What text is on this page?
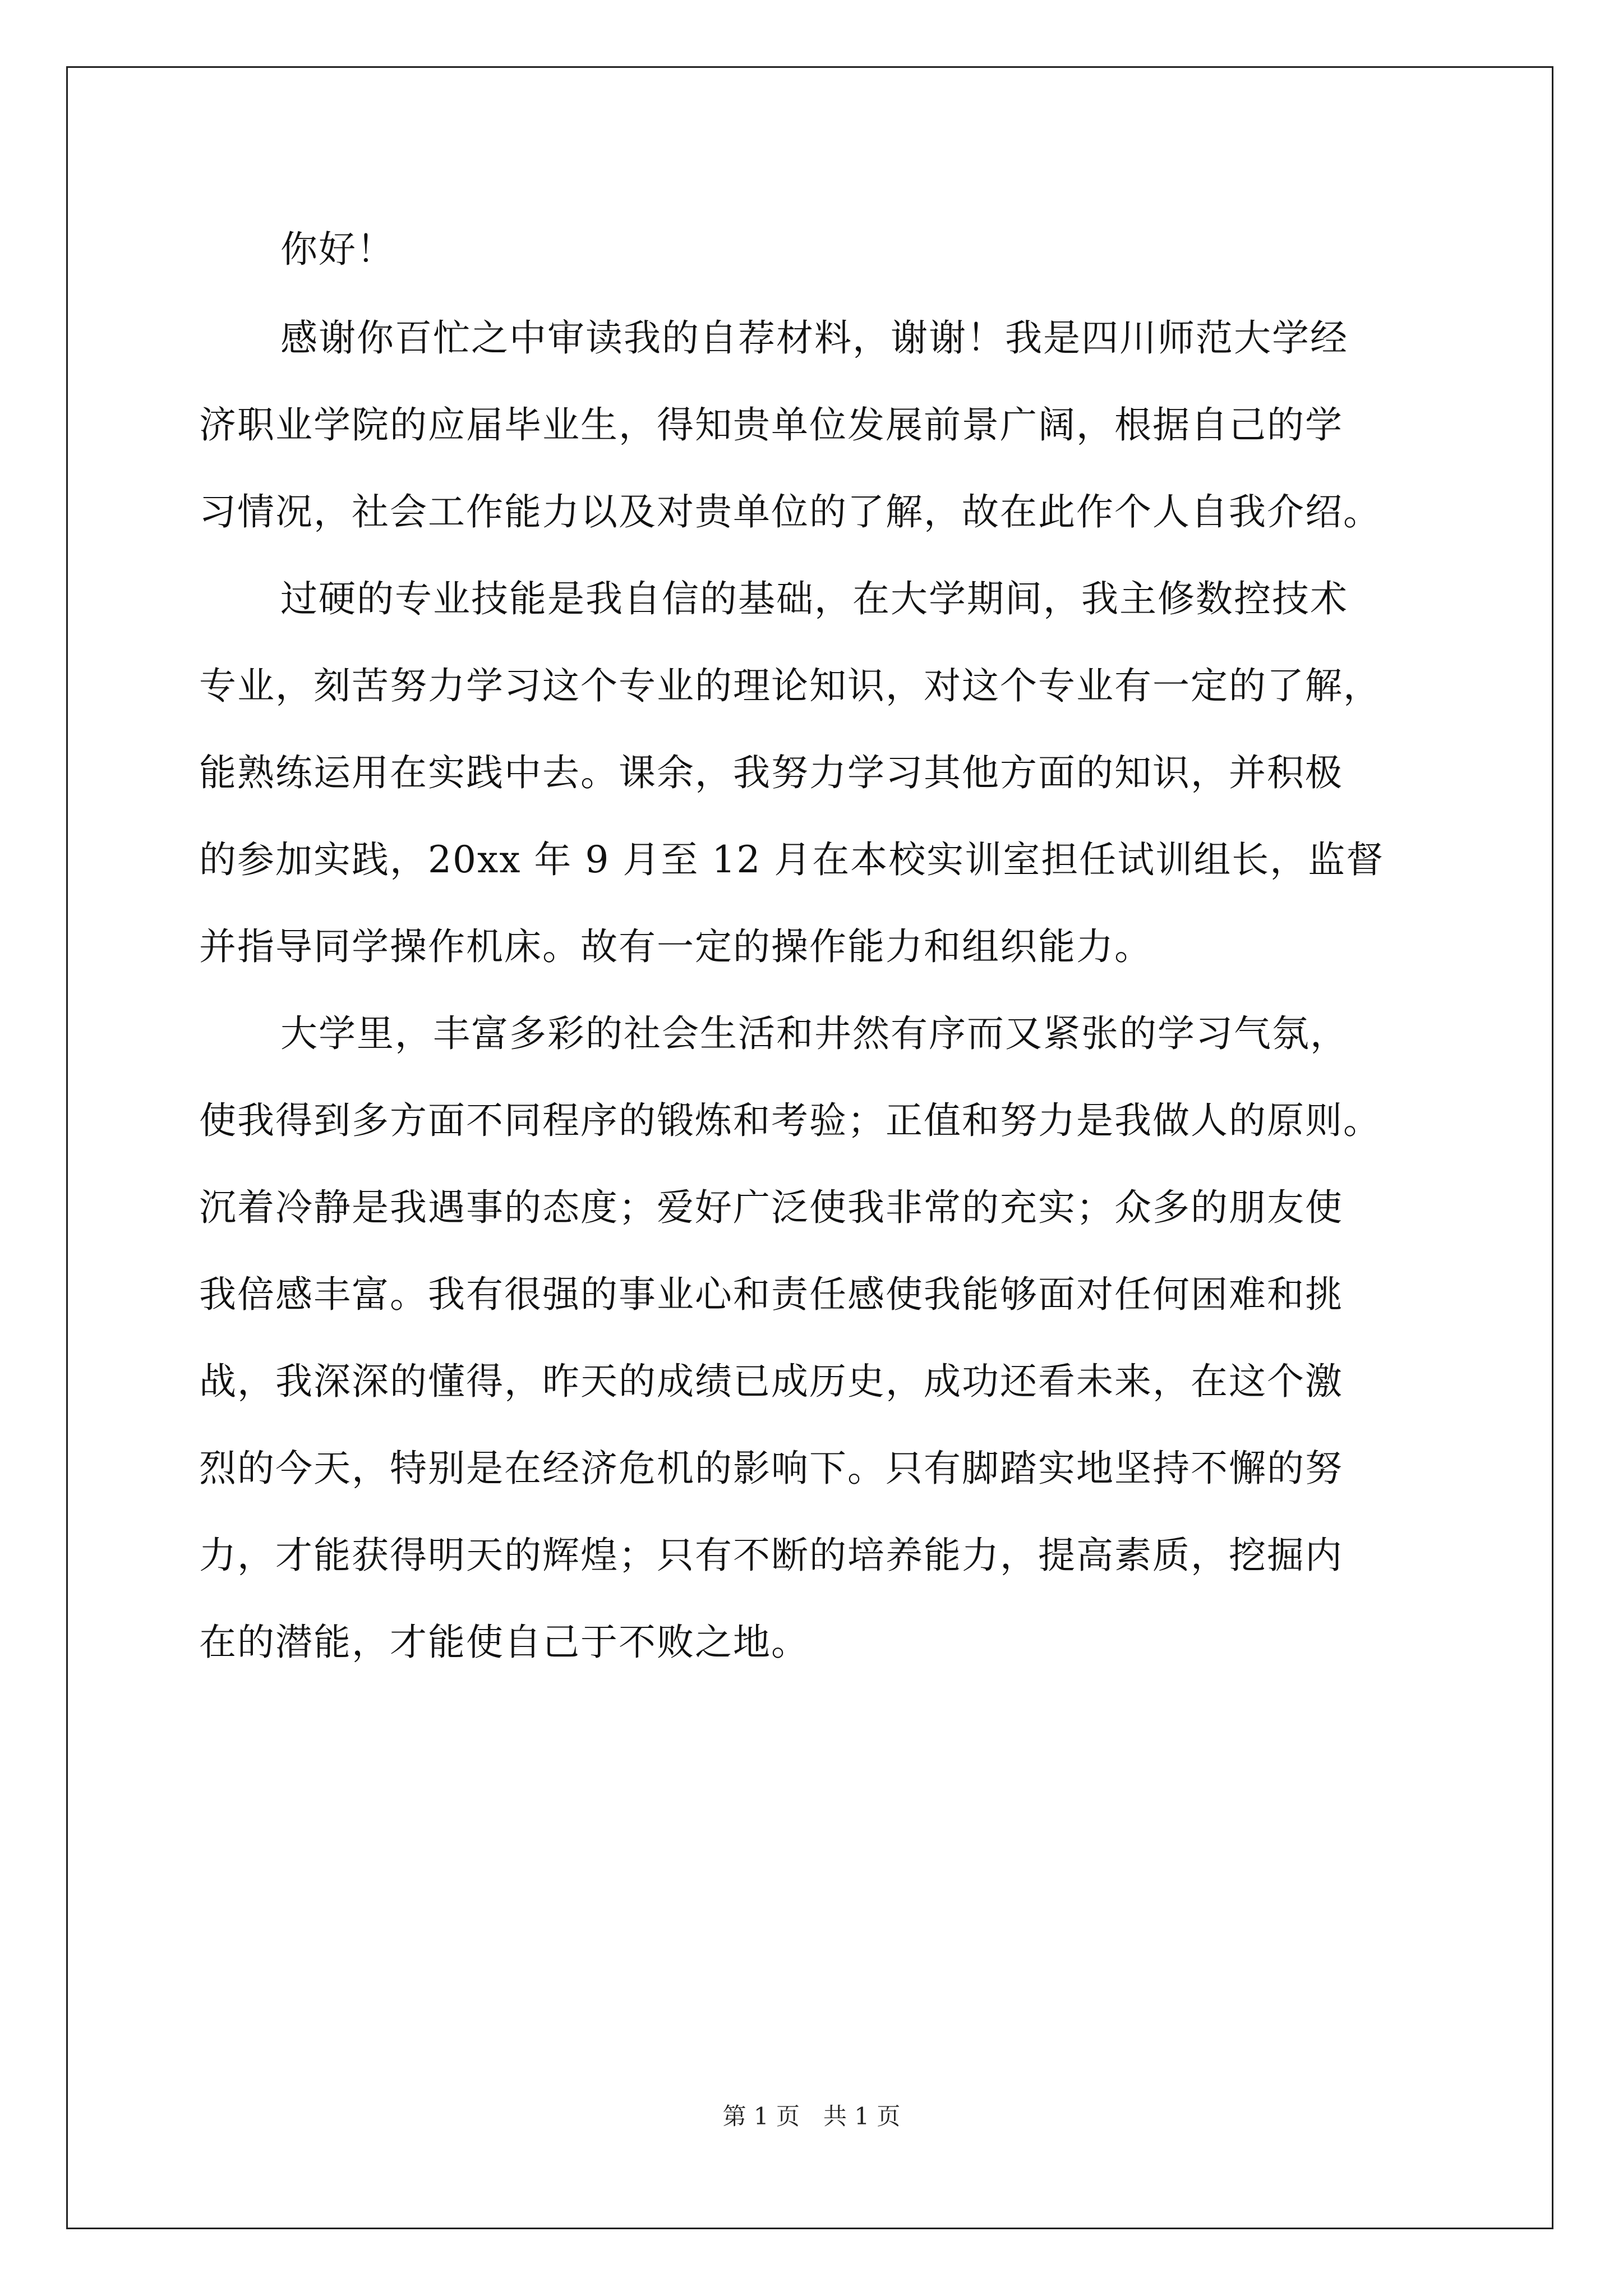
你好！
感谢你百忙之中审读我的自荐材料，谢谢！我是四川师范大学经
济职业学院的应届毕业生，得知贵单位发展前景广阔，根据自己的学
习情况，社会工作能力以及对贵单位的了解，故在此作个人自我介绍。
过硬的专业技能是我自信的基础，在大学期间，我主修数控技术
专业，刻苦努力学习这个专业的理论知识，对这个专业有一定的了解，
能熟练运用在实践中去。课余，我努力学习其他方面的知识，并积极
的参加实践，20xx 年 9 月至 12 月在本校实训室担任试训组长，监督
并指导同学操作机床。故有一定的操作能力和组织能力。
大学里，丰富多彩的社会生活和井然有序而又紧张的学习气氛，
使我得到多方面不同程序的锻炼和考验；正值和努力是我做人的原则。
沉着冷静是我遇事的态度；爱好广泛使我非常的充实；众多的朋友使
我倍感丰富。我有很强的事业心和责任感使我能够面对任何困难和挑
战，我深深的懂得，昨天的成绩已成历史，成功还看未来，在这个激
烈的今天，特别是在经济危机的影响下。只有脚踏实地坚持不懈的努
力，才能获得明天的辉煌；只有不断的培养能力，提高素质，挖掘内
在的潜能，才能使自己于不败之地。
第 1 页　共 1 页
